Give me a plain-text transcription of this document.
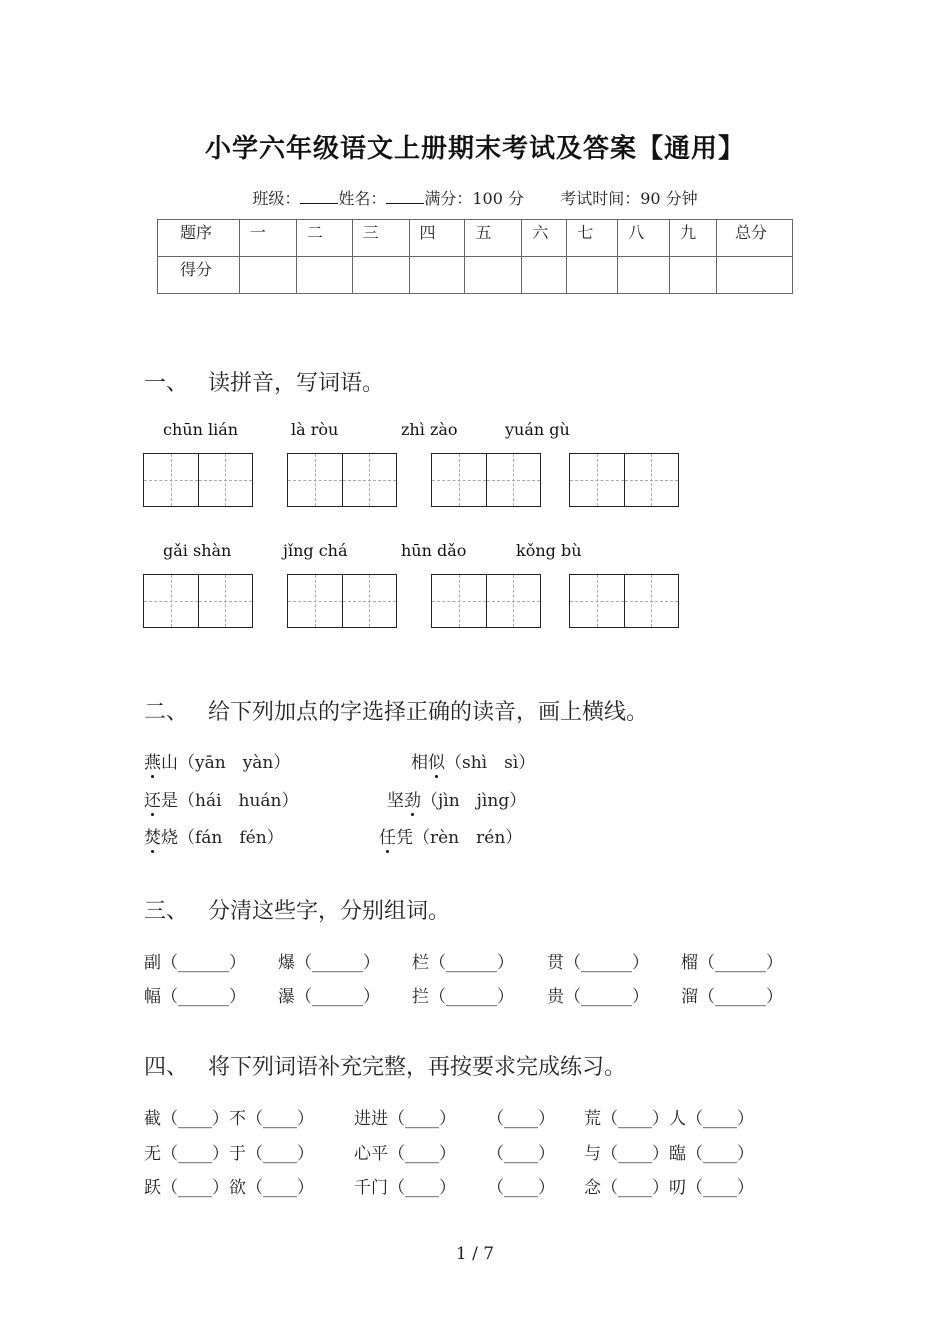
小学六年级语文上册期末考试及答案【通用】
班级： 姓名： 满分：100 分 考试时间：90 分钟
题序	一	二	三	四	五	六	七	八	九	总分
得分										
一、 读拼音，写词语。
chūn lián	là ròu	zhì zào	yuán gù
gǎi shàn	jǐng chá	hūn dǎo	kǒng bù
二、 给下列加点的字选择正确的读音，画上横线。
燕山（yān　yàn）	相似（shì　sì）
还是（hái　huán）	坚劲（jìn　jìng）
焚烧（fán　fén）	任凭（rèn　rén）
三、 分清这些字，分别组词。
副（______） 爆（______） 栏（______） 贯（______） 榴（______）
幅（______） 瀑（______） 拦（______） 贵（______） 溜（______）
四、 将下列词语补充完整，再按要求完成练习。
截（____）不（____） 进进（____） （____） 荒（____）人（____）
无（____）于（____） 心平（____） （____） 与（____）臨（____）
跃（____）欲（____） 千门（____） （____） 念（____）叨（____）
1 / 7
